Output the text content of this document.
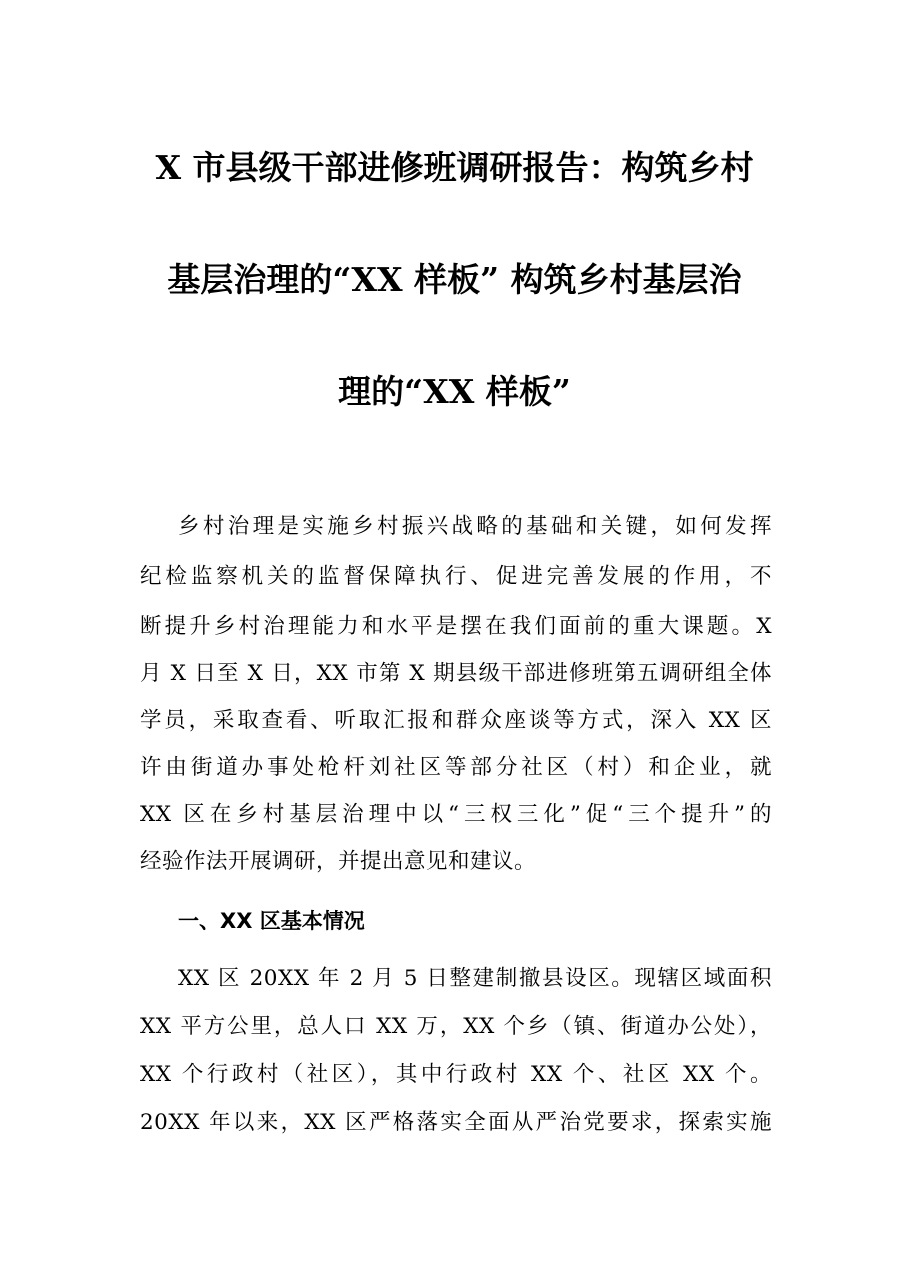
X 市县级干部进修班调研报告：构筑乡村
基层治理的“XX 样板” 构筑乡村基层治
理的“XX 样板”
乡村治理是实施乡村振兴战略的基础和关键，如何发挥
纪检监察机关的监督保障执行、促进完善发展的作用，不
断提升乡村治理能力和水平是摆在我们面前的重大课题。X
月 X 日至 X 日，XX 市第 X 期县级干部进修班第五调研组全体
学员，采取查看、听取汇报和群众座谈等方式，深入 XX 区
许由街道办事处枪杆刘社区等部分社区（村）和企业，就
XX 区在乡村基层治理中以“三权三化”促“三个提升”的
经验作法开展调研，并提出意见和建议。
一、XX 区基本情况
XX 区 20XX 年 2 月 5 日整建制撤县设区。现辖区域面积
XX 平方公里，总人口 XX 万，XX 个乡（镇、街道办公处），
XX 个行政村（社区），其中行政村 XX 个、社区 XX 个。
20XX 年以来，XX 区严格落实全面从严治党要求，探索实施
